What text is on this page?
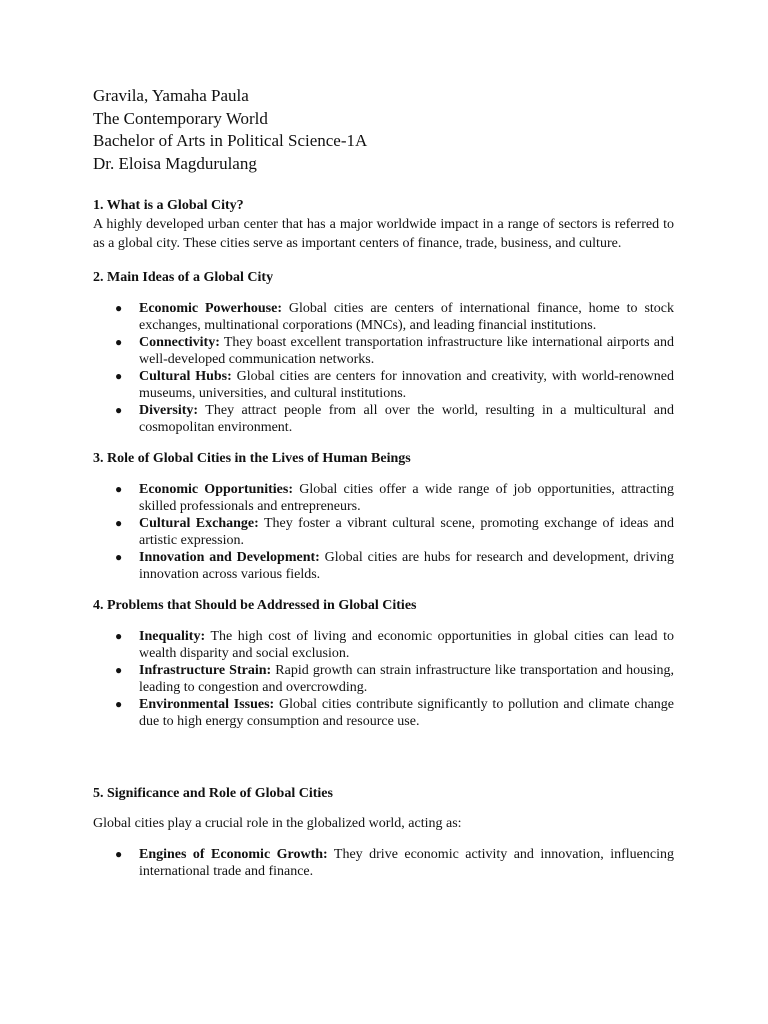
Gravila, Yamaha Paula
The Contemporary World
Bachelor of Arts in Political Science-1A
Dr. Eloisa Magdurulang
1. What is a Global City?
A highly developed urban center that has a major worldwide impact in a range of sectors is referred to as a global city. These cities serve as important centers of finance, trade, business, and culture.
2. Main Ideas of a Global City
● Economic Powerhouse: Global cities are centers of international finance, home to stock exchanges, multinational corporations (MNCs), and leading financial institutions.
● Connectivity: They boast excellent transportation infrastructure like international airports and well-developed communication networks.
● Cultural Hubs: Global cities are centers for innovation and creativity, with world-renowned museums, universities, and cultural institutions.
● Diversity: They attract people from all over the world, resulting in a multicultural and cosmopolitan environment.
3. Role of Global Cities in the Lives of Human Beings
● Economic Opportunities: Global cities offer a wide range of job opportunities, attracting skilled professionals and entrepreneurs.
● Cultural Exchange: They foster a vibrant cultural scene, promoting exchange of ideas and artistic expression.
● Innovation and Development: Global cities are hubs for research and development, driving innovation across various fields.
4. Problems that Should be Addressed in Global Cities
● Inequality: The high cost of living and economic opportunities in global cities can lead to wealth disparity and social exclusion.
● Infrastructure Strain: Rapid growth can strain infrastructure like transportation and housing, leading to congestion and overcrowding.
● Environmental Issues: Global cities contribute significantly to pollution and climate change due to high energy consumption and resource use.
5. Significance and Role of Global Cities
Global cities play a crucial role in the globalized world, acting as:
● Engines of Economic Growth: They drive economic activity and innovation, influencing international trade and finance.
